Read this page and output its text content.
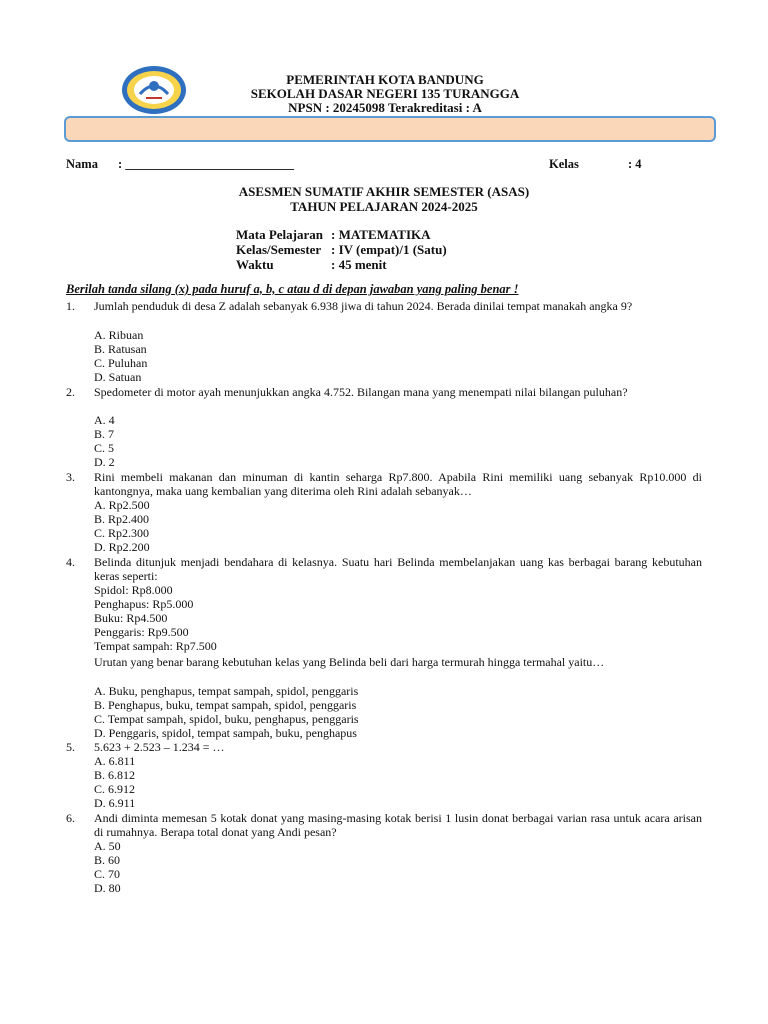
PEMERINTAH KOTA BANDUNG
SEKOLAH DASAR NEGERI 135 TURANGGA
NPSN : 20245098 Terakreditasi : A
Nama : ___________________________	Kelas	: 4
ASESMEN SUMATIF AKHIR SEMESTER (ASAS)
TAHUN PELAJARAN 2024-2025
Mata Pelajaran : MATEMATIKA
Kelas/Semester : IV (empat)/1 (Satu)
Waktu	: 45 menit
Berilah tanda silang (x) pada huruf a, b, c atau d di depan jawaban yang paling benar !
1. Jumlah penduduk di desa Z adalah sebanyak 6.938 jiwa di tahun 2024. Berada dinilai tempat manakah angka 9?
A. Ribuan
B. Ratusan
C. Puluhan
D. Satuan
2. Spedometer di motor ayah menunjukkan angka 4.752. Bilangan mana yang menempati nilai bilangan puluhan?
A. 4
B. 7
C. 5
D. 2
3. Rini membeli makanan dan minuman di kantin seharga Rp7.800. Apabila Rini memiliki uang sebanyak Rp10.000 di kantongnya, maka uang kembalian yang diterima oleh Rini adalah sebanyak…
A. Rp2.500
B. Rp2.400
C. Rp2.300
D. Rp2.200
4. Belinda ditunjuk menjadi bendahara di kelasnya. Suatu hari Belinda membelanjakan uang kas berbagai barang kebutuhan keras seperti:
Spidol: Rp8.000
Penghapus: Rp5.000
Buku: Rp4.500
Penggaris: Rp9.500
Tempat sampah: Rp7.500
Urutan yang benar barang kebutuhan kelas yang Belinda beli dari harga termurah hingga termahal yaitu…
A. Buku, penghapus, tempat sampah, spidol, penggaris
B. Penghapus, buku, tempat sampah, spidol, penggaris
C. Tempat sampah, spidol, buku, penghapus, penggaris
D. Penggaris, spidol, tempat sampah, buku, penghapus
5. 5.623 + 2.523 – 1.234 = …
A. 6.811
B. 6.812
C. 6.912
D. 6.911
6. Andi diminta memesan 5 kotak donat yang masing-masing kotak berisi 1 lusin donat berbagai varian rasa untuk acara arisan di rumahnya. Berapa total donat yang Andi pesan?
A. 50
B. 60
C. 70
D. 80
